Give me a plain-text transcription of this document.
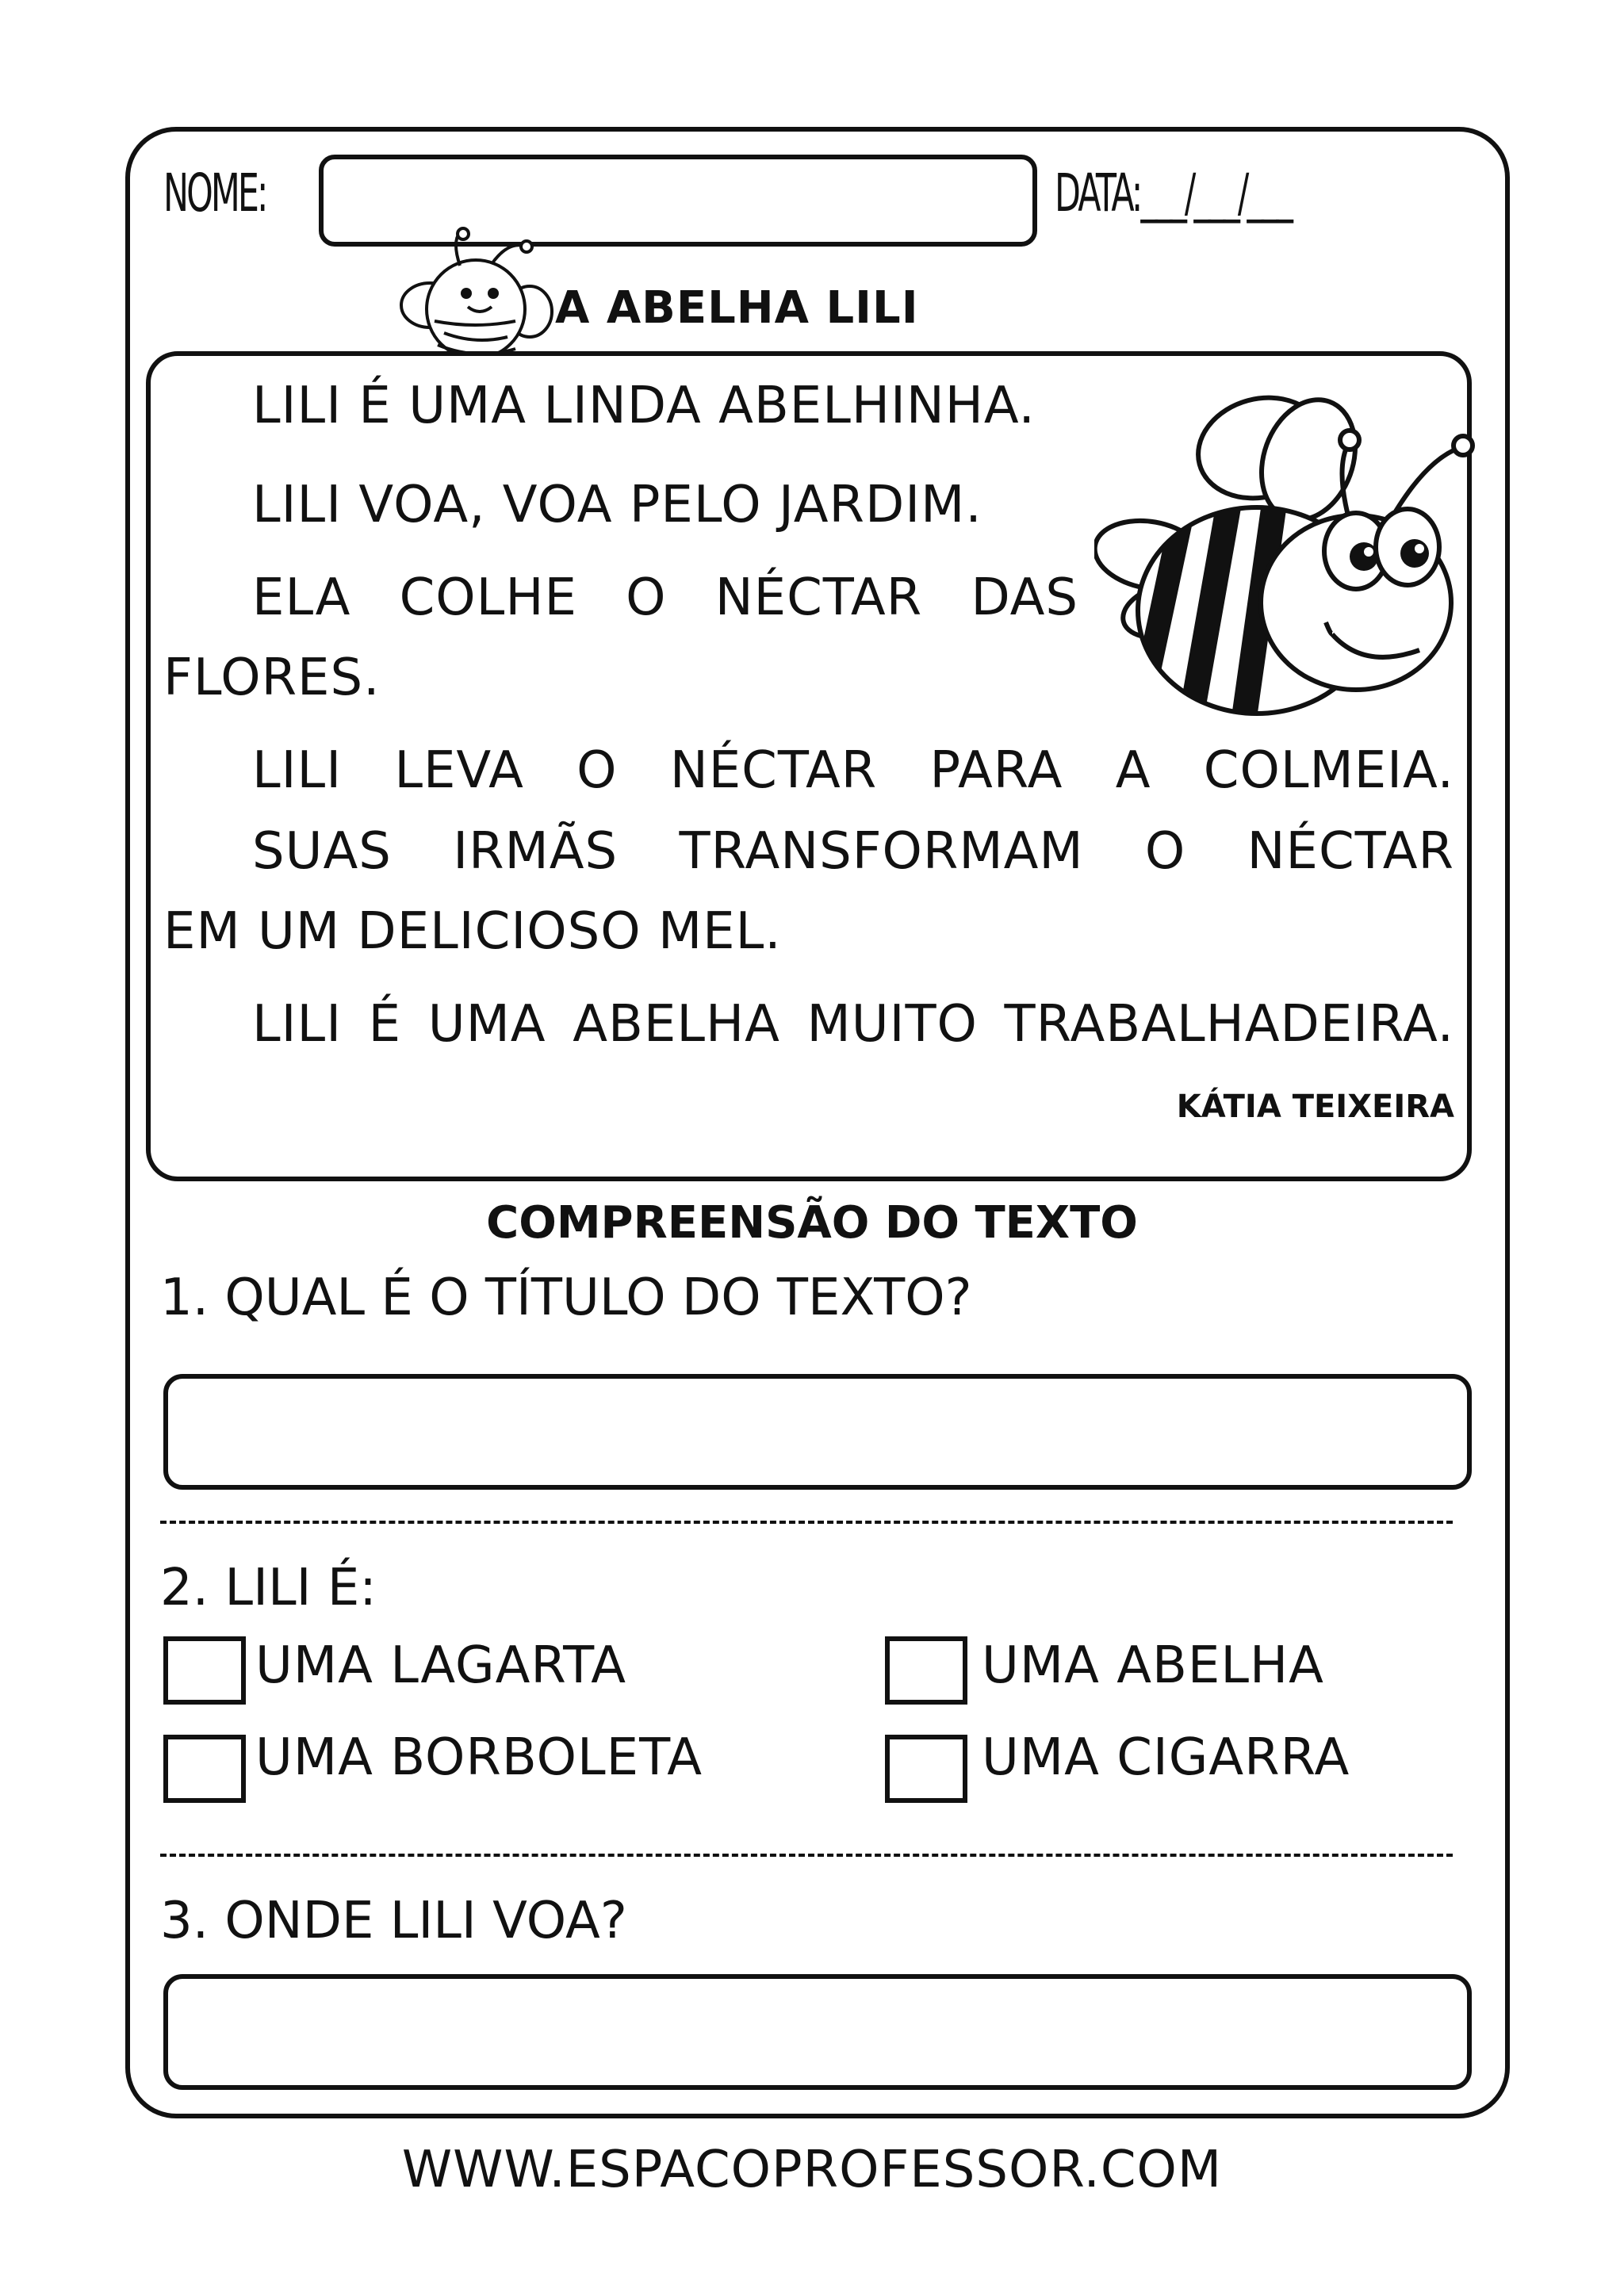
NOME:	DATA:___/___/___
A ABELHA LILI
LILI É UMA LINDA ABELHINHA.
LILI VOA, VOA PELO JARDIM.
ELA COLHE O NÉCTAR DAS
FLORES.
LILI LEVA O NÉCTAR PARA A COLMEIA.
SUAS IRMÃS TRANSFORMAM O NÉCTAR
EM UM DELICIOSO MEL.
LILI É UMA ABELHA MUITO TRABALHADEIRA.
KÁTIA TEIXEIRA
COMPREENSÃO DO TEXTO
1. QUAL É O TÍTULO DO TEXTO?
2. LILI É:
UMA LAGARTA	UMA ABELHA
UMA BORBOLETA	UMA CIGARRA
3. ONDE LILI VOA?
WWW.ESPACOPROFESSOR.COM
